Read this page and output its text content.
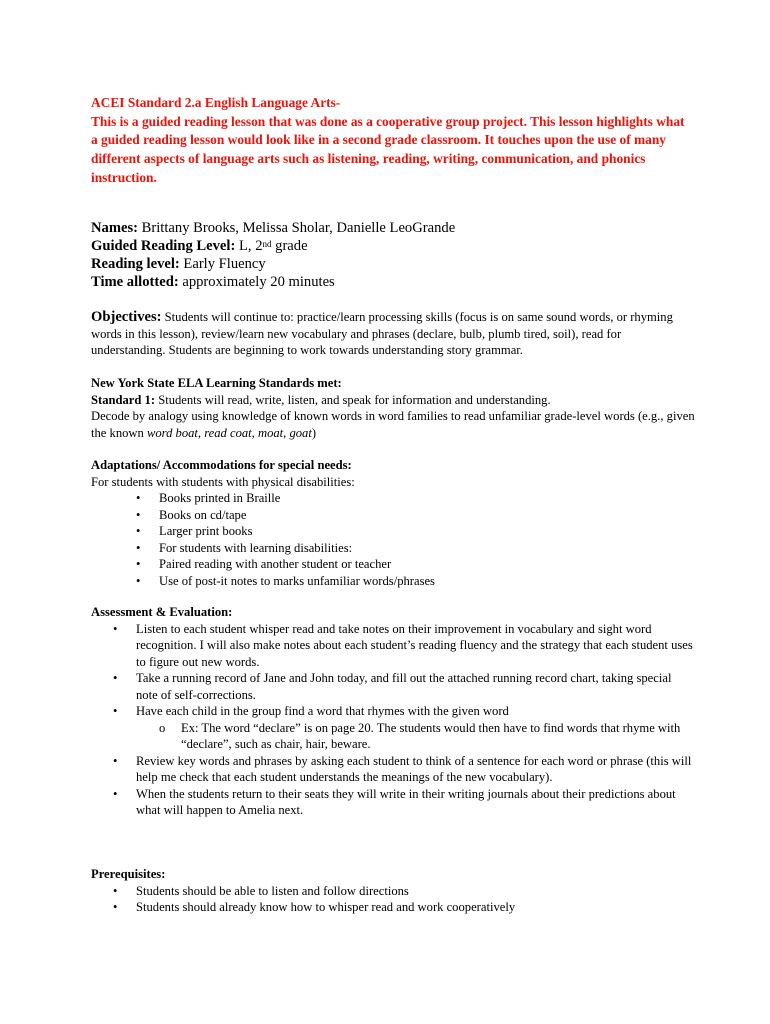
ACEI Standard 2.a English Language Arts-
This is a guided reading lesson that was done as a cooperative group project. This lesson highlights what a guided reading lesson would look like in a second grade classroom. It touches upon the use of many different aspects of language arts such as listening, reading, writing, communication, and phonics instruction.
Names: Brittany Brooks, Melissa Sholar, Danielle LeoGrande
Guided Reading Level: L, 2nd grade
Reading level: Early Fluency
Time allotted: approximately 20 minutes
Objectives: Students will continue to: practice/learn processing skills (focus is on same sound words, or rhyming words in this lesson), review/learn new vocabulary and phrases (declare, bulb, plumb tired, soil), read for understanding. Students are beginning to work towards understanding story grammar.
New York State ELA Learning Standards met:
Standard 1: Students will read, write, listen, and speak for information and understanding.
Decode by analogy using knowledge of known words in word families to read unfamiliar grade-level words (e.g., given the known word boat, read coat, moat, goat)
Adaptations/ Accommodations for special needs:
For students with students with physical disabilities:
• Books printed in Braille
• Books on cd/tape
• Larger print books
• For students with learning disabilities:
• Paired reading with another student or teacher
• Use of post-it notes to marks unfamiliar words/phrases
Assessment & Evaluation:
• Listen to each student whisper read and take notes on their improvement in vocabulary and sight word recognition. I will also make notes about each student’s reading fluency and the strategy that each student uses to figure out new words.
• Take a running record of Jane and John today, and fill out the attached running record chart, taking special note of self-corrections.
• Have each child in the group find a word that rhymes with the given word
o Ex: The word “declare” is on page 20. The students would then have to find words that rhyme with “declare”, such as chair, hair, beware.
• Review key words and phrases by asking each student to think of a sentence for each word or phrase (this will help me check that each student understands the meanings of the new vocabulary).
• When the students return to their seats they will write in their writing journals about their predictions about what will happen to Amelia next.
Prerequisites:
• Students should be able to listen and follow directions
• Students should already know how to whisper read and work cooperatively
